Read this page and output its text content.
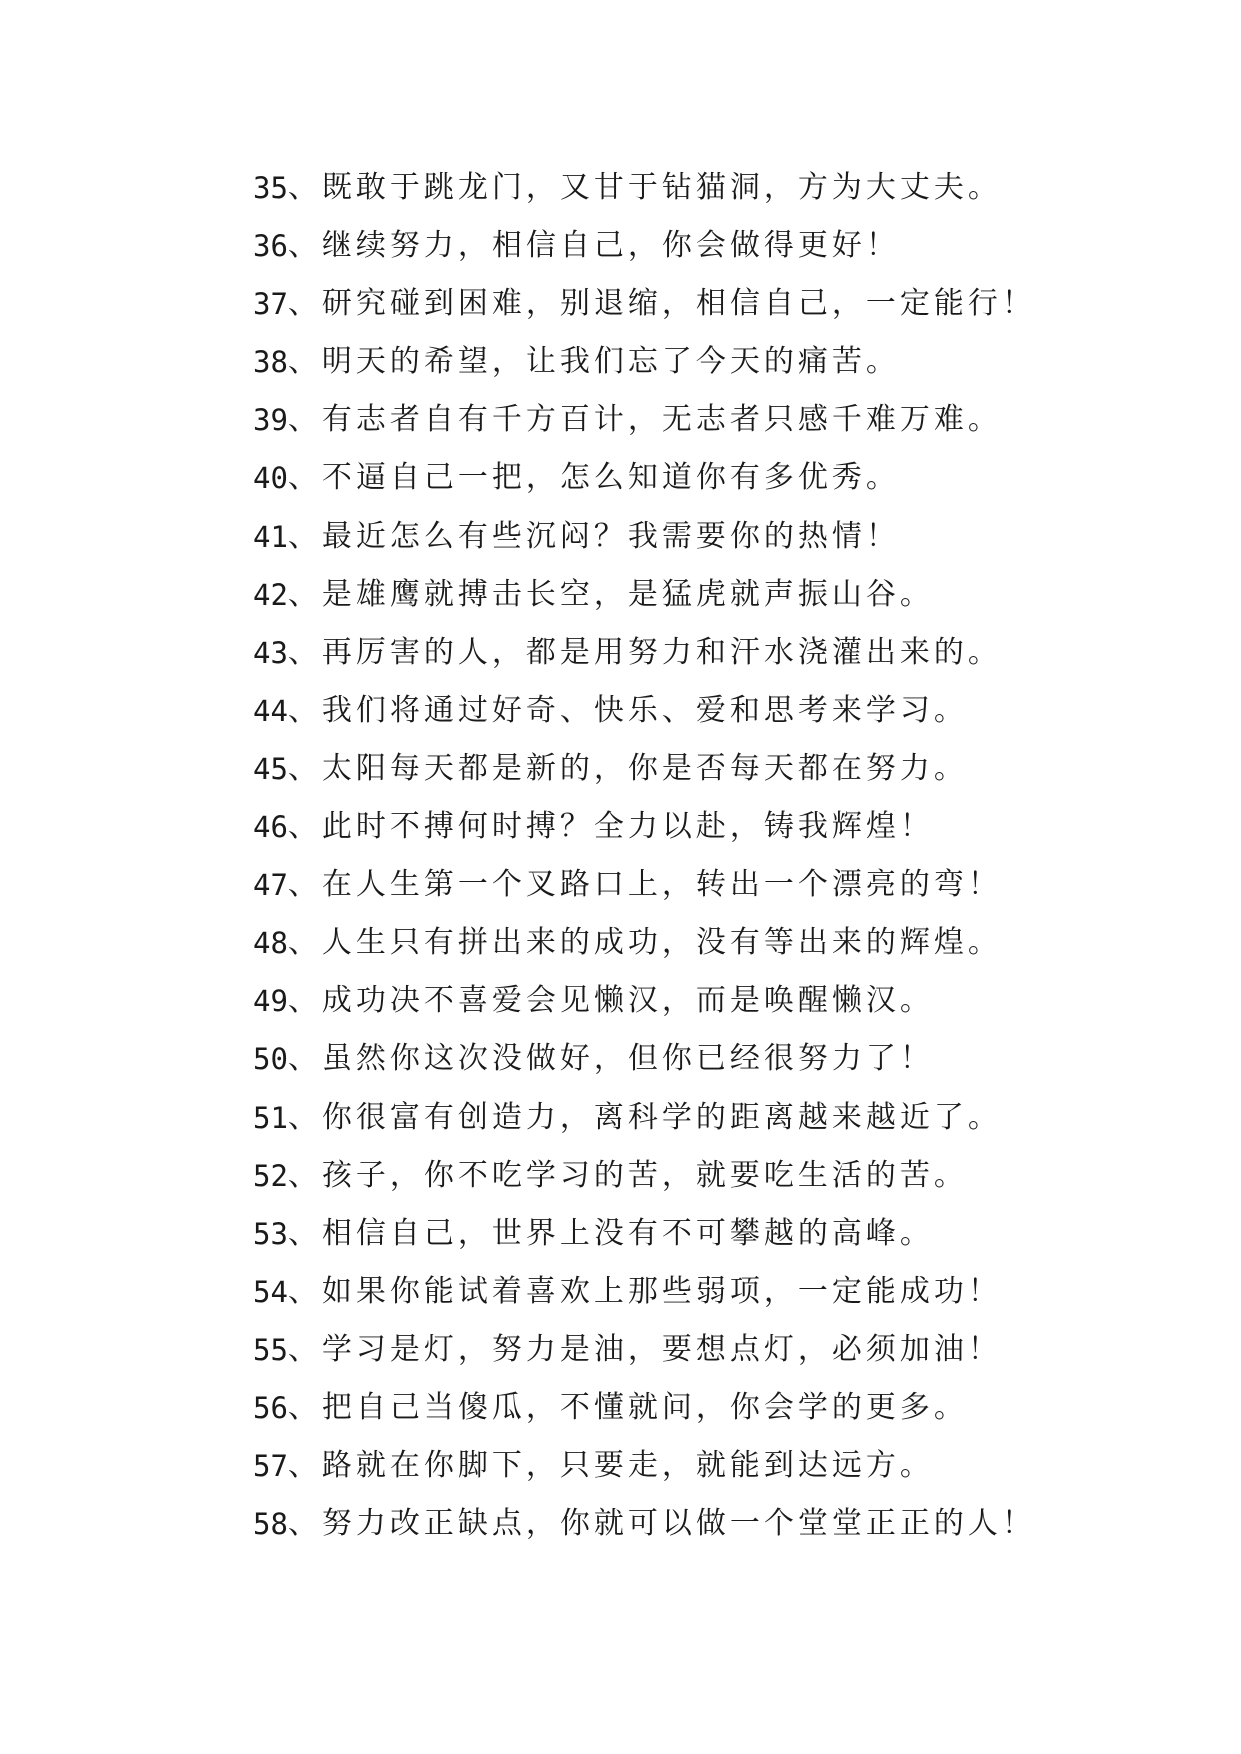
35 、 既敢于跳龙门，又甘于钻猫洞，方为大丈夫。
36 、 继续努力，相信自己，你会做得更好！
37 、 研究碰到困难，别退缩，相信自己，一定能行！
38 、 明天的希望，让我们忘了今天的痛苦。
39 、 有志者自有千方百计，无志者只感千难万难。
40 、 不逼自己一把，怎么知道你有多优秀。
41 、 最近怎么有些沉闷？我需要你的热情！
42 、 是雄鹰就搏击长空，是猛虎就声振山谷。
43 、 再厉害的人，都是用努力和汗水浇灌出来的。
44 、 我们将通过好奇、快乐、爱和思考来学习。
45 、 太阳每天都是新的，你是否每天都在努力。
46 、 此时不搏何时搏？全力以赴，铸我辉煌！
47 、 在人生第一个叉路口上，转出一个漂亮的弯！
48 、 人生只有拼出来的成功，没有等出来的辉煌。
49 、 成功决不喜爱会见懒汉，而是唤醒懒汉。
50 、 虽然你这次没做好，但你已经很努力了！
51 、 你很富有创造力，离科学的距离越来越近了。
52 、 孩子，你不吃学习的苦，就要吃生活的苦。
53 、 相信自己，世界上没有不可攀越的高峰。
54 、 如果你能试着喜欢上那些弱项，一定能成功！
55 、 学习是灯，努力是油，要想点灯，必须加油！
56 、 把自己当傻瓜，不懂就问，你会学的更多。
57 、 路就在你脚下，只要走，就能到达远方。
58 、 努力改正缺点，你就可以做一个堂堂正正的人！
